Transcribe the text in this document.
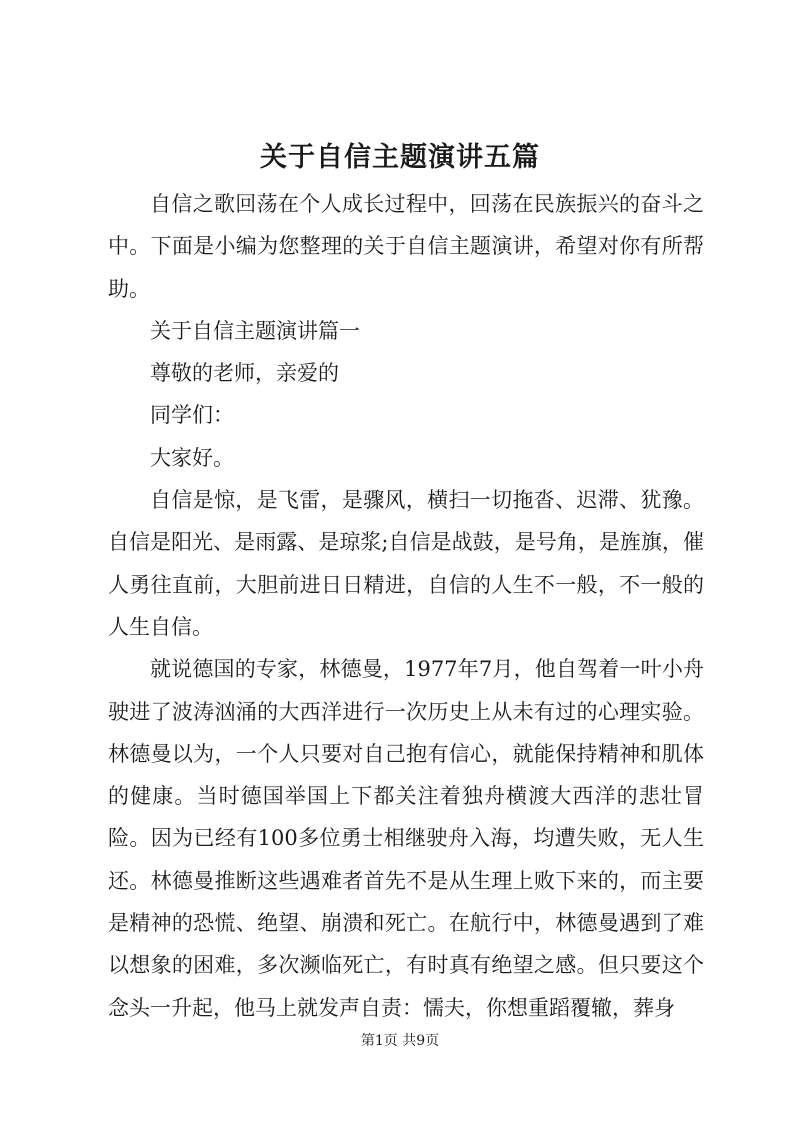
关于自信主题演讲五篇

自信之歌回荡在个人成长过程中，回荡在民族振兴的奋斗之中。下面是小编为您整理的关于自信主题演讲，希望对你有所帮助。

关于自信主题演讲篇一

尊敬的老师，亲爱的

同学们：

大家好。

自信是惊，是飞雷，是骤风，横扫一切拖沓、迟滞、犹豫。自信是阳光、是雨露、是琼浆;自信是战鼓，是号角，是旌旗，催人勇往直前，大胆前进日日精进，自信的人生不一般，不一般的人生自信。

就说德国的专家，林德曼，1977年7月，他自驾着一叶小舟驶进了波涛汹涌的大西洋进行一次历史上从未有过的心理实验。林德曼以为，一个人只要对自己抱有信心，就能保持精神和肌体的健康。当时德国举国上下都关注着独舟横渡大西洋的悲壮冒险。因为已经有100多位勇士相继驶舟入海，均遭失败，无人生还。林德曼推断这些遇难者首先不是从生理上败下来的，而主要是精神的恐慌、绝望、崩溃和死亡。在航行中，林德曼遇到了难以想象的困难，多次濒临死亡，有时真有绝望之感。但只要这个念头一升起，他马上就发声自责：懦夫，你想重蹈覆辙，葬身

第1页 共9页
